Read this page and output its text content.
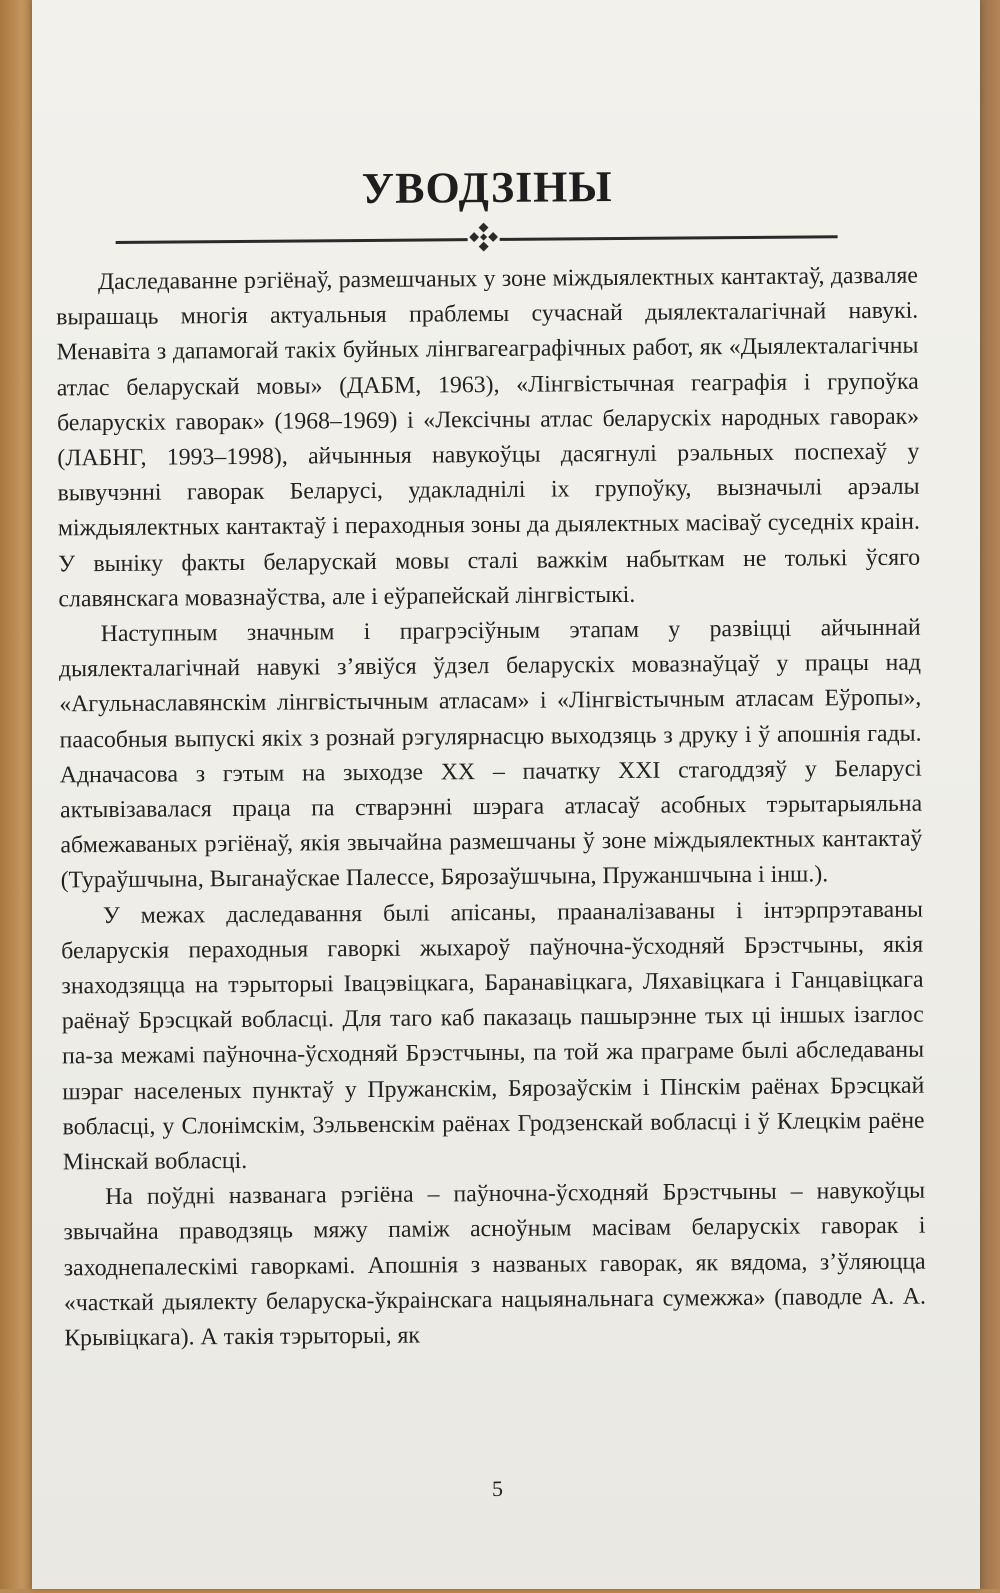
УВОДЗІНЫ

Даследаванне рэгіёнаў, размешчаных у зоне міждыялектных кантактаў, дазваляе вырашаць многія актуальныя праблемы сучаснай дыялекталагічнай навукі. Менавіта з дапамогай такіх буйных лінгвагеаграфічных работ, як «Дыялекталагічны атлас беларускай мовы» (ДАБМ, 1963), «Лінгвістычная геаграфія і групоўка беларускіх гаворак» (1968–1969) і «Лексічны атлас беларускіх народных гаворак» (ЛАБНГ, 1993–1998), айчынныя навукоўцы дасягнулі рэальных поспехаў у вывучэнні гаворак Беларусі, удакладнілі іх групоўку, вызначылі арэалы міждыялектных кантактаў і пераходныя зоны да дыялектных масіваў суседніх краін. У выніку факты беларускай мовы сталі важкім набыткам не толькі ўсяго славянскага мовазнаўства, але і еўрапейскай лінгвістыкі.

Наступным значным і прагрэсіўным этапам у развіцці айчыннай дыялекталагічнай навукі з’явіўся ўдзел беларускіх мовазнаўцаў у працы над «Агульнаславянскім лінгвістычным атласам» і «Лінгвістычным атласам Еўропы», паасобныя выпускі якіх з рознай рэгулярнасцю выходзяць з друку і ў апошнія гады. Адначасова з гэтым на зыходзе XX – пачатку XXI стагоддзяў у Беларусі актывізавалася праца па стварэнні шэрага атласаў асобных тэрытарыяльна абмежаваных рэгіёнаў, якія звычайна размешчаны ў зоне міждыялектных кантактаў (Тураўшчына, Выганаўскае Палессе, Бярозаўшчына, Пружаншчына і інш.).

У межах даследавання былі апісаны, прааналізаваны і інтэрпрэтаваны беларускія пераходныя гаворкі жыхароў паўночна-ўсходняй Брэстчыны, якія знаходзяцца на тэрыторыі Івацэвіцкага, Баранавіцкага, Ляхавіцкага і Ганцавіцкага раёнаў Брэсцкай вобласці. Для таго каб паказаць пашырэнне тых ці іншых ізаглос па-за межамі паўночна-ўсходняй Брэстчыны, па той жа праграме былі абследаваны шэраг населеных пунктаў у Пружанскім, Бярозаўскім і Пінскім раёнах Брэсцкай вобласці, у Слонімскім, Зэльвенскім раёнах Гродзенскай вобласці і ў Клецкім раёне Мінскай вобласці.

На поўдні названага рэгіёна – паўночна-ўсходняй Брэстчыны – навукоўцы звычайна праводзяць мяжу паміж асноўным масівам беларускіх гаворак і заходнепалескімі гаворкамі. Апошнія з названых гаворак, як вядома, з’ўляюцца «часткай дыялекту беларуска-ўкраінскага нацыянальнага сумежжа» (паводле А. А. Крывіцкага). А такія тэрыторыі, як

5
